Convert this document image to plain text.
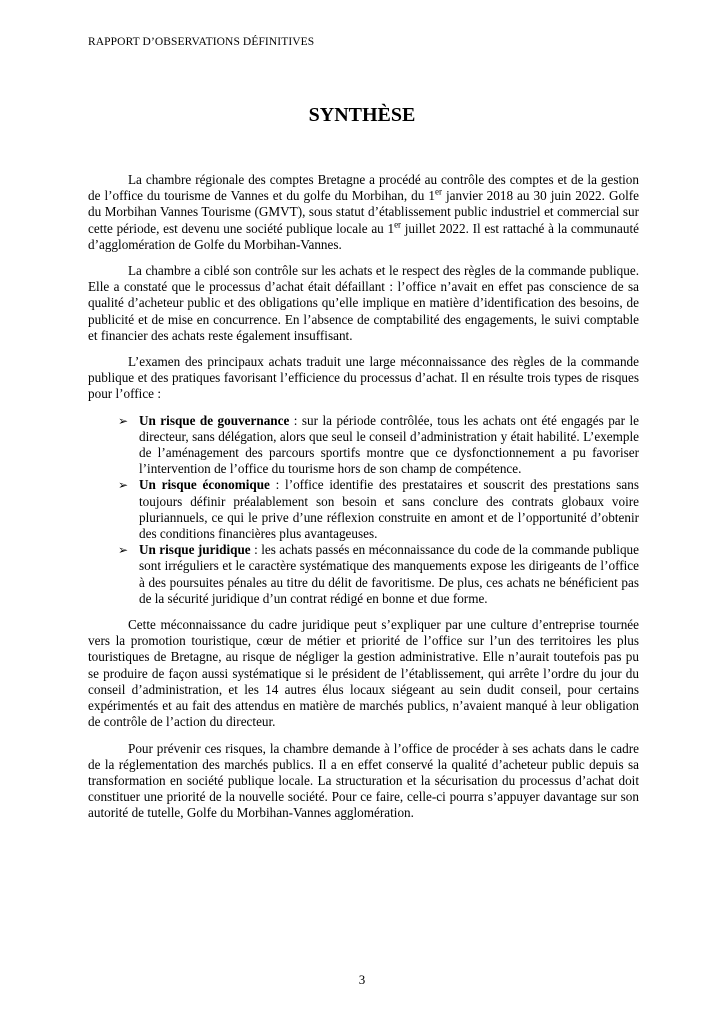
RAPPORT D’OBSERVATIONS DÉFINITIVES
SYNTHÈSE

La chambre régionale des comptes Bretagne a procédé au contrôle des comptes et de la gestion de l’office du tourisme de Vannes et du golfe du Morbihan, du 1er janvier 2018 au 30 juin 2022. Golfe du Morbihan Vannes Tourisme (GMVT), sous statut d’établissement public industriel et commercial sur cette période, est devenu une société publique locale au 1er juillet 2022. Il est rattaché à la communauté d’agglomération de Golfe du Morbihan-Vannes.

La chambre a ciblé son contrôle sur les achats et le respect des règles de la commande publique. Elle a constaté que le processus d’achat était défaillant : l’office n’avait en effet pas conscience de sa qualité d’acheteur public et des obligations qu’elle implique en matière d’identification des besoins, de publicité et de mise en concurrence. En l’absence de comptabilité des engagements, le suivi comptable et financier des achats reste également insuffisant.

L’examen des principaux achats traduit une large méconnaissance des règles de la commande publique et des pratiques favorisant l’efficience du processus d’achat. Il en résulte trois types de risques pour l’office :

➢ Un risque de gouvernance : sur la période contrôlée, tous les achats ont été engagés par le directeur, sans délégation, alors que seul le conseil d’administration y était habilité. L’exemple de l’aménagement des parcours sportifs montre que ce dysfonctionnement a pu favoriser l’intervention de l’office du tourisme hors de son champ de compétence.
➢ Un risque économique : l’office identifie des prestataires et souscrit des prestations sans toujours définir préalablement son besoin et sans conclure des contrats globaux voire pluriannuels, ce qui le prive d’une réflexion construite en amont et de l’opportunité d’obtenir des conditions financières plus avantageuses.
➢ Un risque juridique : les achats passés en méconnaissance du code de la commande publique sont irréguliers et le caractère systématique des manquements expose les dirigeants de l’office à des poursuites pénales au titre du délit de favoritisme. De plus, ces achats ne bénéficient pas de la sécurité juridique d’un contrat rédigé en bonne et due forme.

Cette méconnaissance du cadre juridique peut s’expliquer par une culture d’entreprise tournée vers la promotion touristique, cœur de métier et priorité de l’office sur l’un des territoires les plus touristiques de Bretagne, au risque de négliger la gestion administrative. Elle n’aurait toutefois pas pu se produire de façon aussi systématique si le président de l’établissement, qui arrête l’ordre du jour du conseil d’administration, et les 14 autres élus locaux siégeant au sein dudit conseil, pour certains expérimentés et au fait des attendus en matière de marchés publics, n’avaient manqué à leur obligation de contrôle de l’action du directeur.

Pour prévenir ces risques, la chambre demande à l’office de procéder à ses achats dans le cadre de la réglementation des marchés publics. Il a en effet conservé la qualité d’acheteur public depuis sa transformation en société publique locale. La structuration et la sécurisation du processus d’achat doit constituer une priorité de la nouvelle société. Pour ce faire, celle-ci pourra s’appuyer davantage sur son autorité de tutelle, Golfe du Morbihan-Vannes agglomération.

3
